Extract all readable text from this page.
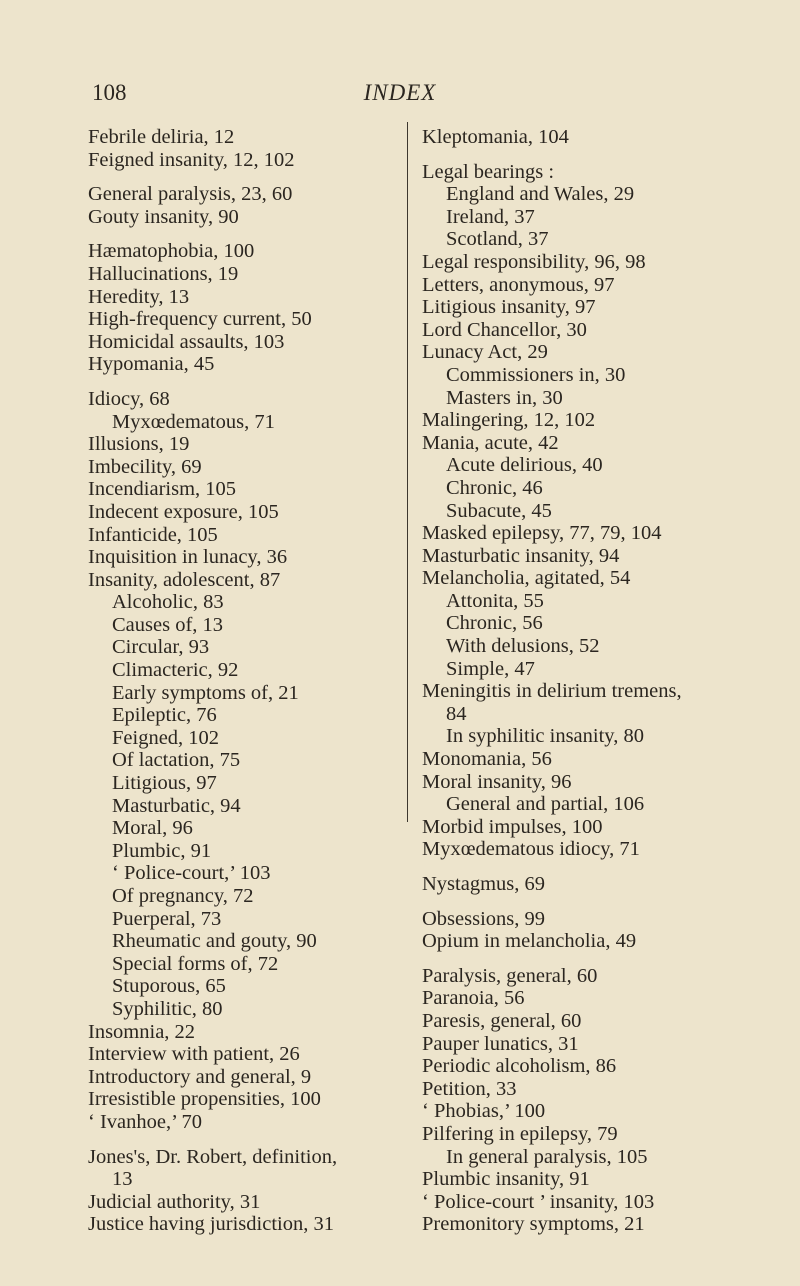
108	INDEX
Febrile deliria, 12
Feigned insanity, 12, 102
General paralysis, 23, 60
Gouty insanity, 90
Hæmatophobia, 100
Hallucinations, 19
Heredity, 13
High-frequency current, 50
Homicidal assaults, 103
Hypomania, 45
Idiocy, 68
Myxœdematous, 71
Illusions, 19
Imbecility, 69
Incendiarism, 105
Indecent exposure, 105
Infanticide, 105
Inquisition in lunacy, 36
Insanity, adolescent, 87
Alcoholic, 83
Causes of, 13
Circular, 93
Climacteric, 92
Early symptoms of, 21
Epileptic, 76
Feigned, 102
Of lactation, 75
Litigious, 97
Masturbatic, 94
Moral, 96
Plumbic, 91
‘ Police-court,’ 103
Of pregnancy, 72
Puerperal, 73
Rheumatic and gouty, 90
Special forms of, 72
Stuporous, 65
Syphilitic, 80
Insomnia, 22
Interview with patient, 26
Introductory and general, 9
Irresistible propensities, 100
‘ Ivanhoe,’ 70
Jones's, Dr. Robert, definition,
13
Judicial authority, 31
Justice having jurisdiction, 31
Kleptomania, 104
Legal bearings :
England and Wales, 29
Ireland, 37
Scotland, 37
Legal responsibility, 96, 98
Letters, anonymous, 97
Litigious insanity, 97
Lord Chancellor, 30
Lunacy Act, 29
Commissioners in, 30
Masters in, 30
Malingering, 12, 102
Mania, acute, 42
Acute delirious, 40
Chronic, 46
Subacute, 45
Masked epilepsy, 77, 79, 104
Masturbatic insanity, 94
Melancholia, agitated, 54
Attonita, 55
Chronic, 56
With delusions, 52
Simple, 47
Meningitis in delirium tremens,
84
In syphilitic insanity, 80
Monomania, 56
Moral insanity, 96
General and partial, 106
Morbid impulses, 100
Myxœdematous idiocy, 71
Nystagmus, 69
Obsessions, 99
Opium in melancholia, 49
Paralysis, general, 60
Paranoia, 56
Paresis, general, 60
Pauper lunatics, 31
Periodic alcoholism, 86
Petition, 33
‘ Phobias,’ 100
Pilfering in epilepsy, 79
In general paralysis, 105
Plumbic insanity, 91
‘ Police-court ’ insanity, 103
Premonitory symptoms, 21
